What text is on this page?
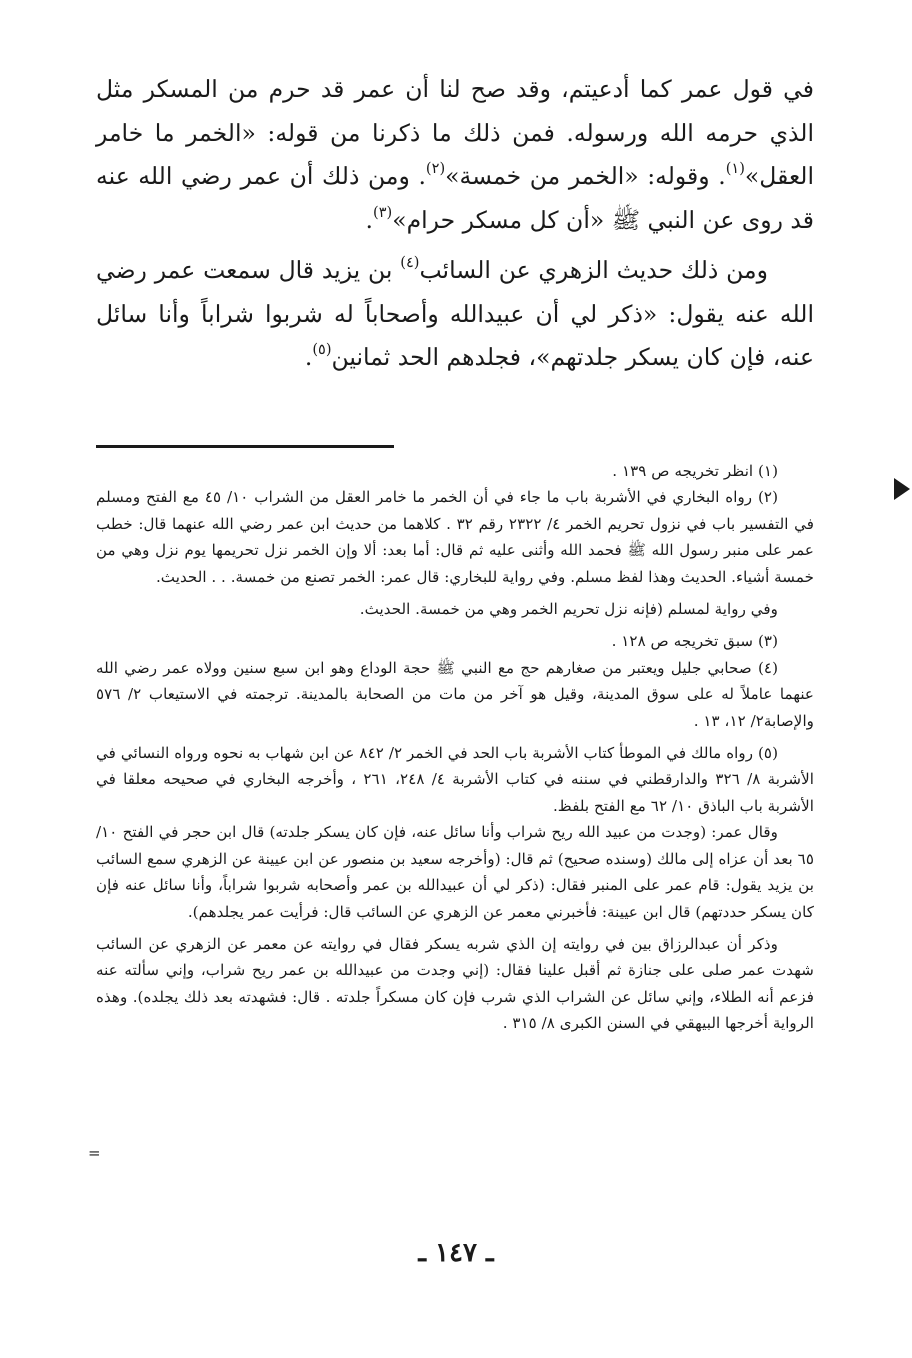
في قول عمر كما أدعيتم، وقد صح لنا أن عمر قد حرم من المسكر مثل الذي حرمه الله ورسوله. فمن ذلك ما ذكرنا من قوله: «الخمر ما خامر العقل»$^{(١)}$. وقوله: «الخمر من خمسة»$^{(٢)}$. ومن ذلك أن عمر رضي الله عنه قد روى عن النبي ﷺ «أن كل مسكر حرام»$^{(٣)}$.

ومن ذلك حديث الزهري عن السائب$^{(٤)}$ بن يزيد قال سمعت عمر رضي الله عنه يقول: «ذكر لي أن عبيدالله وأصحاباً له شربوا شراباً وأنا سائل عنه، فإن كان يسكر جلدتهم»، فجلدهم الحد ثمانين$^{(٥)}$.

(١) انظر تخريجه ص ١٣٩ .

(٢) رواه البخاري في الأشربة باب ما جاء في أن الخمر ما خامر العقل من الشراب ١٠/ ٤٥ مع الفتح ومسلم في التفسير باب في نزول تحريم الخمر ٤/ ٢٣٢٢ رقم ٣٢ . كلاهما من حديث ابن عمر رضي الله عنهما قال: خطب عمر على منبر رسول الله ﷺ فحمد الله وأثنى عليه ثم قال: أما بعد: ألا وإن الخمر نزل تحريمها يوم نزل وهي من خمسة أشياء. الحديث وهذا لفظ مسلم. وفي رواية للبخاري: قال عمر: الخمر تصنع من خمسة. . . الحديث.

وفي رواية لمسلم (فإنه نزل تحريم الخمر وهي من خمسة. الحديث.

(٣) سبق تخريجه ص ١٢٨ .

(٤) صحابي جليل ويعتبر من صغارهم حج مع النبي ﷺ حجة الوداع وهو ابن سبع سنين وولاه عمر رضي الله عنهما عاملاً له على سوق المدينة، وقيل هو آخر من مات من الصحابة بالمدينة. ترجمته في الاستيعاب ٢/ ٥٧٦ والإصابة٢/ ١٢، ١٣ .

(٥) رواه مالك في الموطأ كتاب الأشربة باب الحد في الخمر ٢/ ٨٤٢ عن ابن شهاب به نحوه ورواه النسائي في الأشربة ٨/ ٣٢٦ والدارقطني في سننه في كتاب الأشربة ٤/ ٢٤٨، ٢٦١ ، وأخرجه البخاري في صحيحه معلقا في الأشربة باب الباذق ١٠/ ٦٢ مع الفتح بلفظ.

وقال عمر: (وجدت من عبيد الله ريح شراب وأنا سائل عنه، فإن كان يسكر جلدته) قال ابن حجر في الفتح ١٠/ ٦٥ بعد أن عزاه إلى مالك (وسنده صحيح) ثم قال: (وأخرجه سعيد بن منصور عن ابن عيينة عن الزهري سمع السائب بن يزيد يقول: قام عمر على المنبر فقال: (ذكر لي أن عبيدالله بن عمر وأصحابه شربوا شراباً، وأنا سائل عنه فإن كان يسكر حددتهم) قال ابن عيينة: فأخبرني معمر عن الزهري عن السائب قال: فرأيت عمر يجلدهم).

وذكر أن عبدالرزاق بين في روايته إن الذي شربه يسكر فقال في روايته عن معمر عن الزهري عن السائب شهدت عمر صلى على جنازة ثم أقبل علينا فقال: (إني وجدت من عبيدالله بن عمر ريح شراب، وإني سألته عنه فزعم أنه الطلاء، وإني سائل عن الشراب الذي شرب فإن كان مسكراً جلدته . قال: فشهدته بعد ذلك يجلده). وهذه الرواية أخرجها البيهقي في السنن الكبرى ٨/ ٣١٥ .

=
ـ ١٤٧ ـ
